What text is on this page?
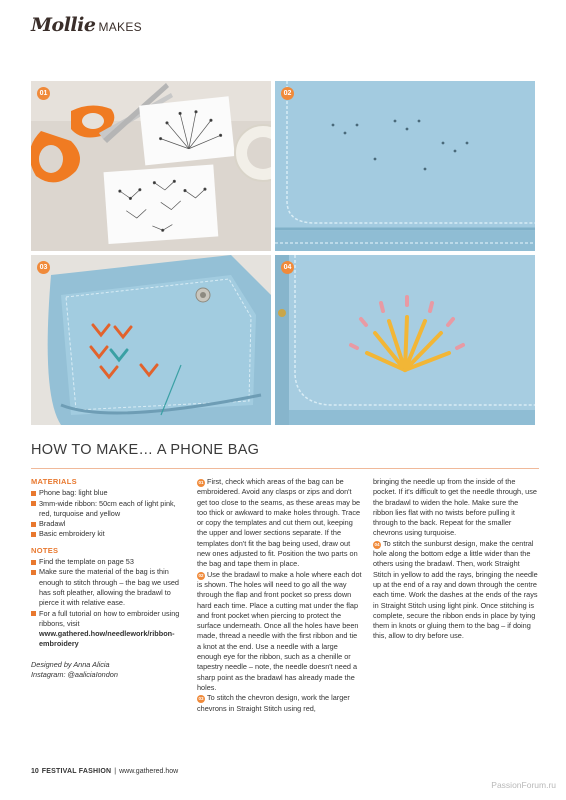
Mollie MAKES
01	02
03	04
HOW TO MAKE… A PHONE BAG
MATERIALS
Phone bag: light blue
3mm-wide ribbon: 50cm each of light pink, red, turquoise and yellow
Bradawl
Basic embroidery kit
NOTES
Find the template on page 53
Make sure the material of the bag is thin enough to stitch through – the bag we used has soft pleather, allowing the bradawl to pierce it with relative ease.
For a full tutorial on how to embroider using ribbons, visit www.gathered.how/needlework/ribbon-embroidery
Designed by Anna Alicia
Instagram: @aaliciaIondon

01 First, check which areas of the bag can be embroidered. Avoid any clasps or zips and don't get too close to the seams, as these areas may be too thick or awkward to make holes through. Trace or copy the templates and cut them out, keeping the upper and lower sections separate. If the templates don't fit the bag being used, draw out new ones adjusted to fit. Position the two parts on the bag and tape them in place.

02 Use the bradawl to make a hole where each dot is shown. The holes will need to go all the way through the flap and front pocket so press down hard each time. Place a cutting mat under the flap and front pocket when piercing to protect the surface underneath. Once all the holes have been made, thread a needle with the first ribbon and tie a knot at the end. Use a needle with a large enough eye for the ribbon, such as a chenille or tapestry needle – note, the needle doesn't need a sharp point as the bradawl has already made the holes.

03 To stitch the chevron design, work the larger chevrons in Straight Stitch using red,

bringing the needle up from the inside of the pocket. If it's difficult to get the needle through, use the bradawl to widen the hole. Make sure the ribbon lies flat with no twists before pulling it through to the back. Repeat for the smaller chevrons using turquoise.

04 To stitch the sunburst design, make the central hole along the bottom edge a little wider than the others using the bradawl. Then, work Straight Stitch in yellow to add the rays, bringing the needle up at the end of a ray and down through the centre each time. Work the dashes at the ends of the rays in Straight Stitch using light pink. Once stitching is complete, secure the ribbon ends in place by tying them in knots or gluing them to the bag – if doing this, allow to dry before use.

10 FESTIVAL FASHION | www.gathered.how
PassionForum.ru
